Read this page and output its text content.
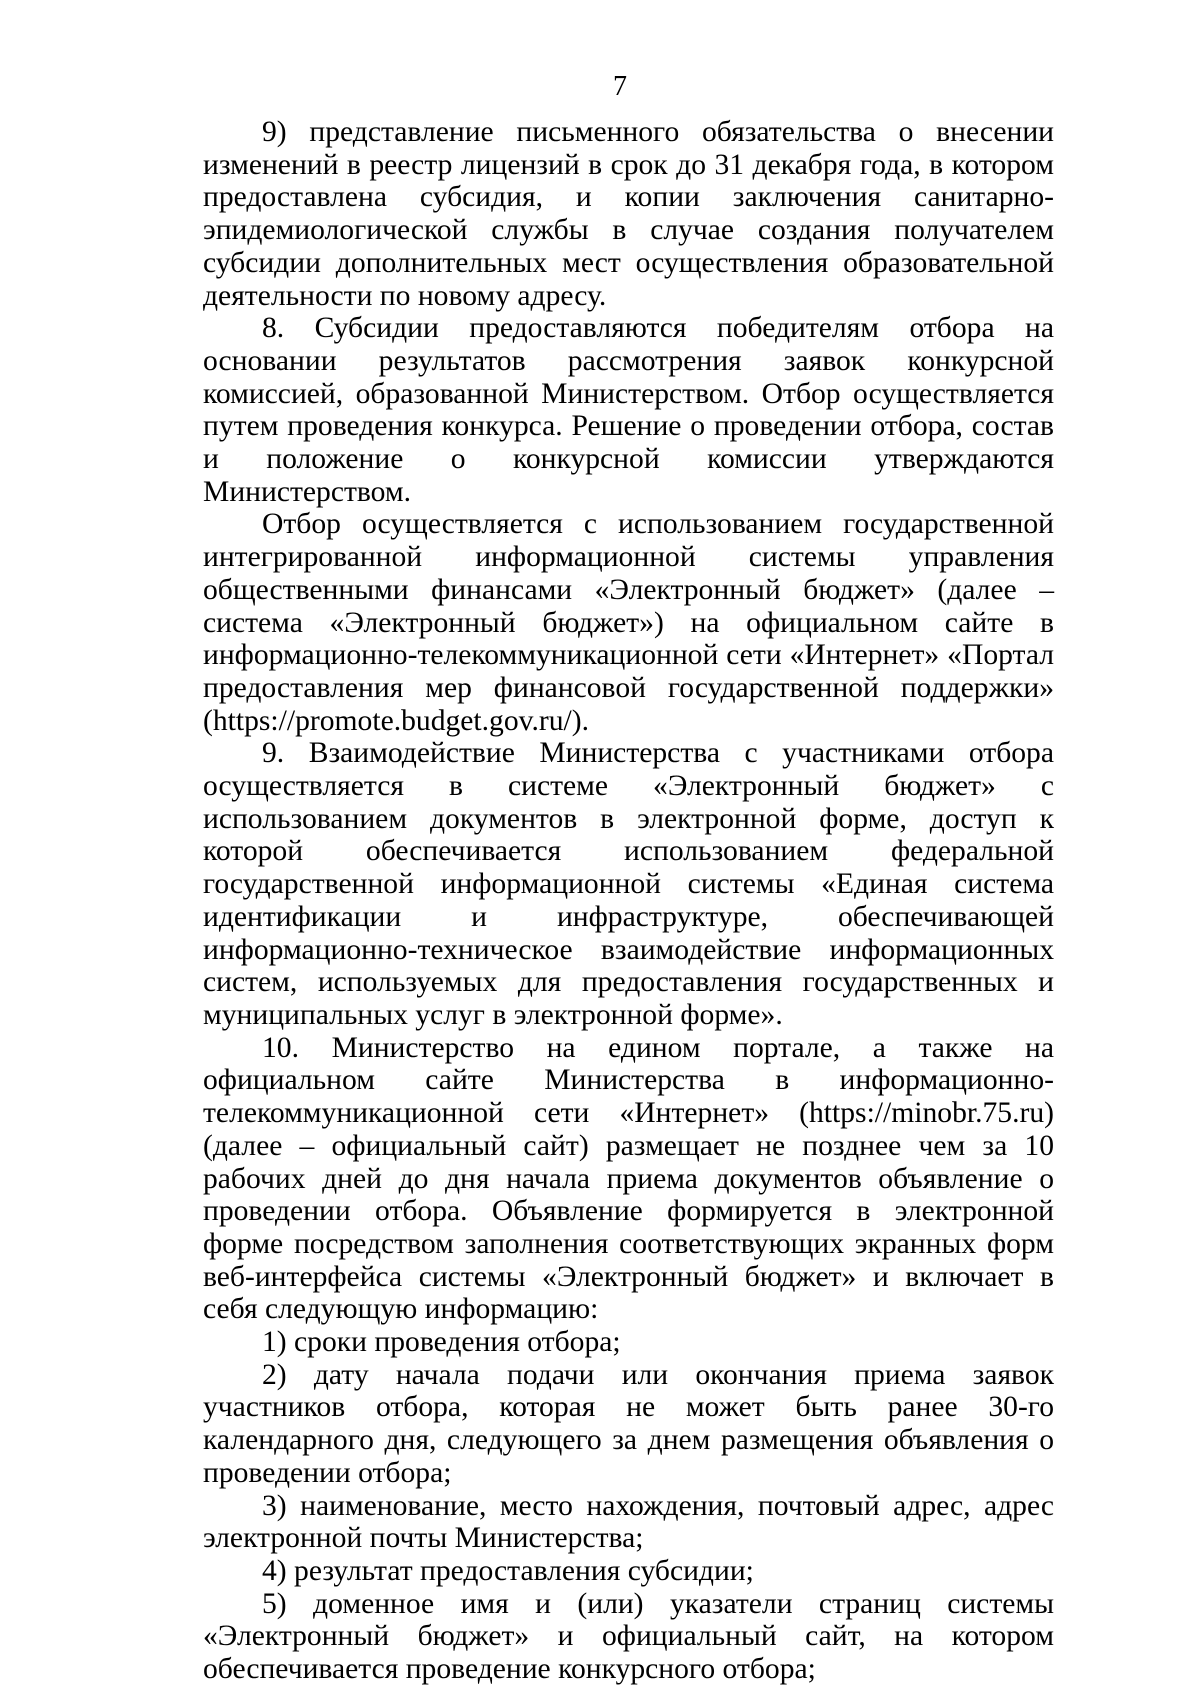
7

9) представление письменного обязательства о внесении изменений в реестр лицензий в срок до 31 декабря года, в котором предоставлена субсидия, и копии заключения санитарно-эпидемиологической службы в случае создания получателем субсидии дополнительных мест осуществления образовательной деятельности по новому адресу.

8. Субсидии предоставляются победителям отбора на основании результатов рассмотрения заявок конкурсной комиссией, образованной Министерством. Отбор осуществляется путем проведения конкурса. Решение о проведении отбора, состав и положение о конкурсной комиссии утверждаются Министерством.

Отбор осуществляется с использованием государственной интегрированной информационной системы управления общественными финансами «Электронный бюджет» (далее – система «Электронный бюджет») на официальном сайте в информационно-телекоммуникационной сети «Интернет» «Портал предоставления мер финансовой государственной поддержки» (https://promote.budget.gov.ru/).

9. Взаимодействие Министерства с участниками отбора осуществляется в системе «Электронный бюджет» с использованием документов в электронной форме, доступ к которой обеспечивается использованием федеральной государственной информационной системы «Единая система идентификации и инфраструктуре, обеспечивающей информационно-техническое взаимодействие информационных систем, используемых для предоставления государственных и муниципальных услуг в электронной форме».

10. Министерство на едином портале, а также на официальном сайте Министерства в информационно-телекоммуникационной сети «Интернет» (https://minobr.75.ru) (далее – официальный сайт) размещает не позднее чем за 10 рабочих дней до дня начала приема документов объявление о проведении отбора. Объявление формируется в электронной форме посредством заполнения соответствующих экранных форм веб-интерфейса системы «Электронный бюджет» и включает в себя следующую информацию:

1) сроки проведения отбора;

2) дату начала подачи или окончания приема заявок участников отбора, которая не может быть ранее 30-го календарного дня, следующего за днем размещения объявления о проведении отбора;

3) наименование, место нахождения, почтовый адрес, адрес электронной почты Министерства;

4) результат предоставления субсидии;

5) доменное имя и (или) указатели страниц системы «Электронный бюджет» и официальный сайт, на котором обеспечивается проведение конкурсного отбора;
